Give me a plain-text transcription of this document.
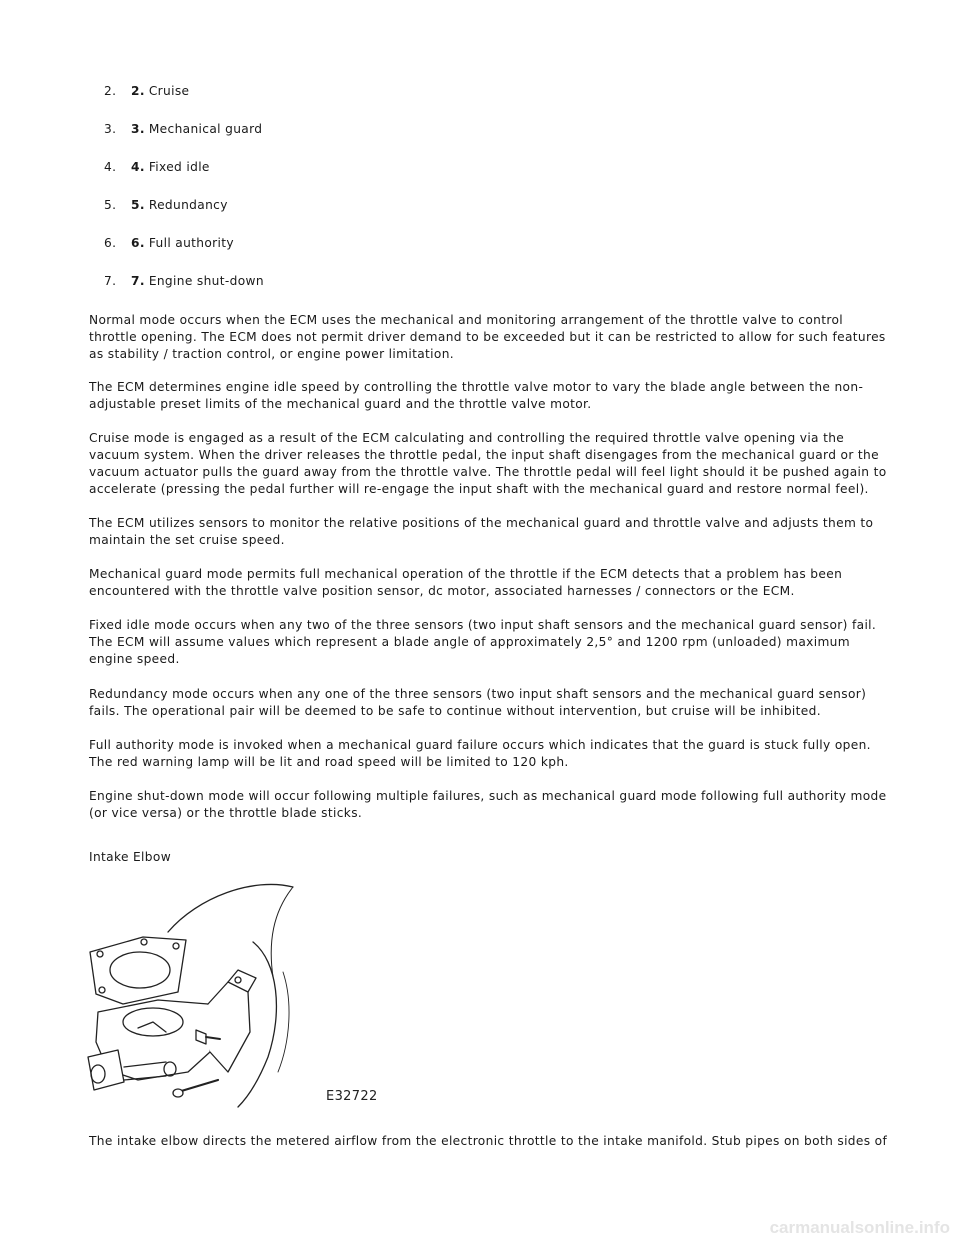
2. 2. Cruise
3. 3. Mechanical guard
4. 4. Fixed idle
5. 5. Redundancy
6. 6. Full authority
7. 7. Engine shut-down

Normal mode occurs when the ECM uses the mechanical and monitoring arrangement of the throttle valve to control throttle opening. The ECM does not permit driver demand to be exceeded but it can be restricted to allow for such features as stability / traction control, or engine power limitation.

The ECM determines engine idle speed by controlling the throttle valve motor to vary the blade angle between the non-adjustable preset limits of the mechanical guard and the throttle valve motor.

Cruise mode is engaged as a result of the ECM calculating and controlling the required throttle valve opening via the vacuum system. When the driver releases the throttle pedal, the input shaft disengages from the mechanical guard or the vacuum actuator pulls the guard away from the throttle valve. The throttle pedal will feel light should it be pushed again to accelerate (pressing the pedal further will re-engage the input shaft with the mechanical guard and restore normal feel).

The ECM utilizes sensors to monitor the relative positions of the mechanical guard and throttle valve and adjusts them to maintain the set cruise speed.

Mechanical guard mode permits full mechanical operation of the throttle if the ECM detects that a problem has been encountered with the throttle valve position sensor, dc motor, associated harnesses / connectors or the ECM.

Fixed idle mode occurs when any two of the three sensors (two input shaft sensors and the mechanical guard sensor) fail. The ECM will assume values which represent a blade angle of approximately 2,5° and 1200 rpm (unloaded) maximum engine speed.

Redundancy mode occurs when any one of the three sensors (two input shaft sensors and the mechanical guard sensor) fails. The operational pair will be deemed to be safe to continue without intervention, but cruise will be inhibited.

Full authority mode is invoked when a mechanical guard failure occurs which indicates that the guard is stuck fully open. The red warning lamp will be lit and road speed will be limited to 120 kph.

Engine shut-down mode will occur following multiple failures, such as mechanical guard mode following full authority mode (or vice versa) or the throttle blade sticks.

Intake Elbow

E32722

The intake elbow directs the metered airflow from the electronic throttle to the intake manifold. Stub pipes on both sides of

carmanualsonline.info
